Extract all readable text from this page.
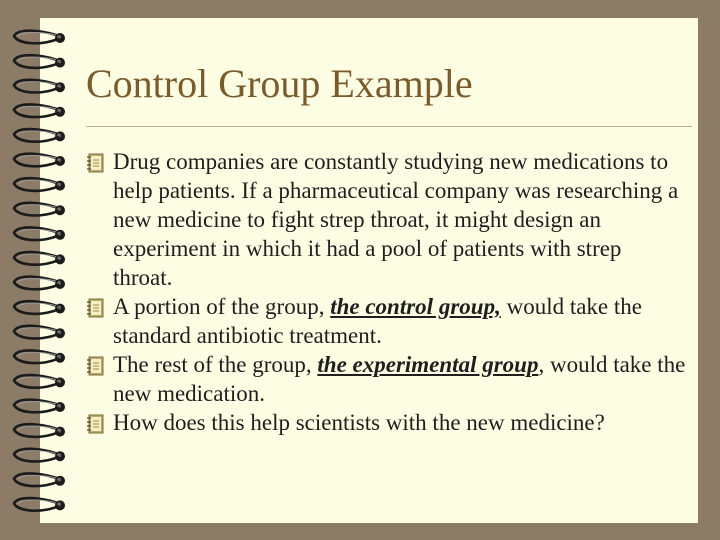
Control Group Example
Drug companies are constantly studying new medications to help patients. If a pharmaceutical company was researching a new medicine to fight strep throat, it might design an experiment in which it had a pool of patients with strep throat.
A portion of the group, the control group, would take the standard antibiotic treatment.
The rest of the group, the experimental group, would take the new medication.
How does this help scientists with the new medicine?
